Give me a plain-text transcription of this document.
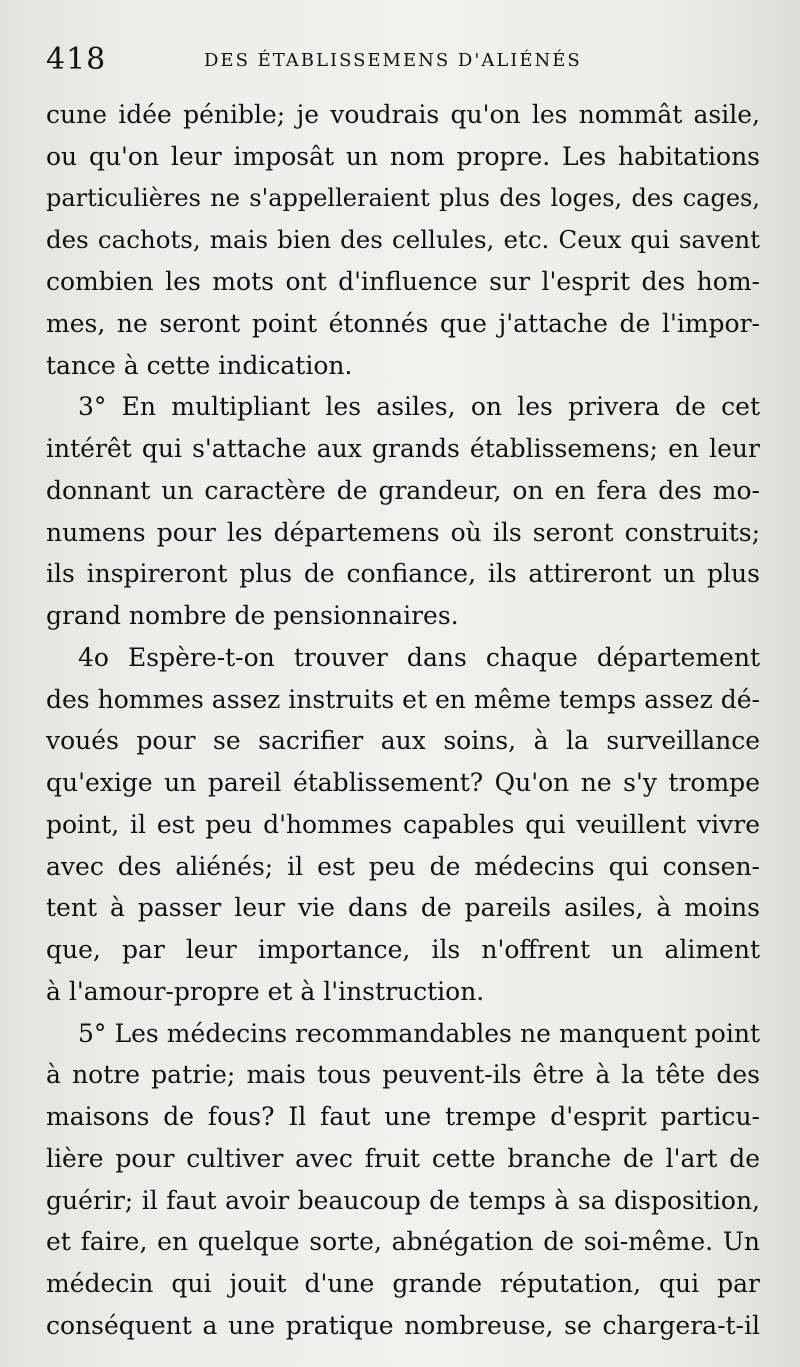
418	DES ÉTABLISSEMENS D'ALIÉNÉS
cune idée pénible; je voudrais qu'on les nommât asile,
ou qu'on leur imposât un nom propre. Les habitations
particulières ne s'appelleraient plus des loges, des cages,
des cachots, mais bien des cellules, etc. Ceux qui savent
combien les mots ont d'influence sur l'esprit des hom-
mes, ne seront point étonnés que j'attache de l'impor-
tance à cette indication.
3° En multipliant les asiles, on les privera de cet
intérêt qui s'attache aux grands établissemens; en leur
donnant un caractère de grandeur, on en fera des mo-
numens pour les départemens où ils seront construits;
ils inspireront plus de confiance, ils attireront un plus
grand nombre de pensionnaires.
4o Espère-t-on trouver dans chaque département
des hommes assez instruits et en même temps assez dé-
voués pour se sacrifier aux soins, à la surveillance
qu'exige un pareil établissement? Qu'on ne s'y trompe
point, il est peu d'hommes capables qui veuillent vivre
avec des aliénés; il est peu de médecins qui consen-
tent à passer leur vie dans de pareils asiles, à moins
que, par leur importance, ils n'offrent un aliment
à l'amour-propre et à l'instruction.
5° Les médecins recommandables ne manquent point
à notre patrie; mais tous peuvent-ils être à la tête des
maisons de fous? Il faut une trempe d'esprit particu-
lière pour cultiver avec fruit cette branche de l'art de
guérir; il faut avoir beaucoup de temps à sa disposition,
et faire, en quelque sorte, abnégation de soi-même. Un
médecin qui jouit d'une grande réputation, qui par
conséquent a une pratique nombreuse, se chargera-t-il
